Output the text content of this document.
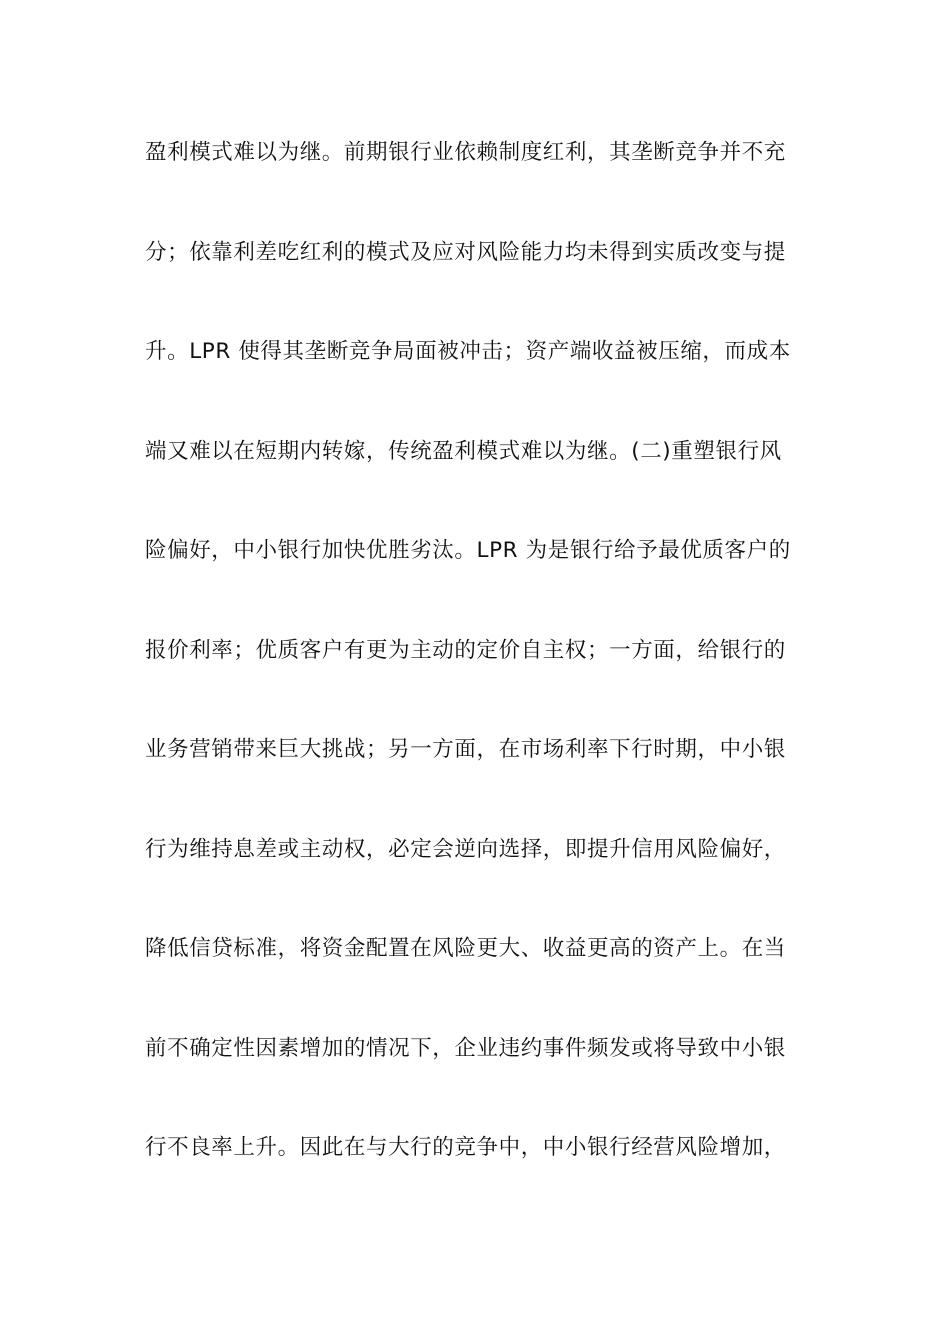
盈利模式难以为继。前期银行业依赖制度红利，其垄断竞争并不充
分；依靠利差吃红利的模式及应对风险能力均未得到实质改变与提
升。LPR 使得其垄断竞争局面被冲击；资产端收益被压缩，而成本
端又难以在短期内转嫁，传统盈利模式难以为继。(二)重塑银行风
险偏好，中小银行加快优胜劣汰。LPR 为是银行给予最优质客户的
报价利率；优质客户有更为主动的定价自主权；一方面，给银行的
业务营销带来巨大挑战；另一方面，在市场利率下行时期，中小银
行为维持息差或主动权，必定会逆向选择，即提升信用风险偏好，
降低信贷标准，将资金配置在风险更大、收益更高的资产上。在当
前不确定性因素增加的情况下，企业违约事件频发或将导致中小银
行不良率上升。因此在与大行的竞争中，中小银行经营风险增加，
